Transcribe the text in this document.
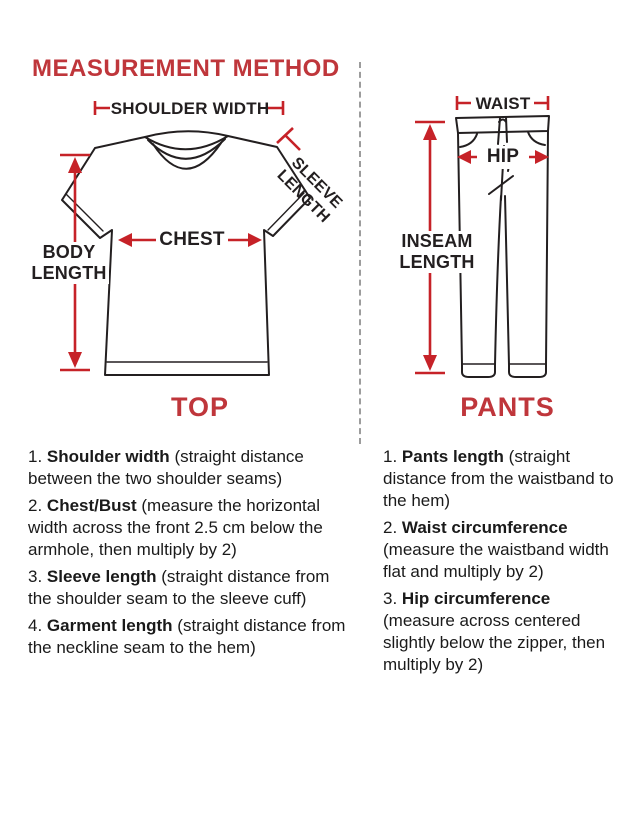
MEASUREMENT METHOD
SHOULDER WIDTH
SLEEVE LENGTH
CHEST
BODY LENGTH
TOP
WAIST
HIP
INSEAM LENGTH
PANTS
1. Shoulder width (straight distance between the two shoulder seams)
2. Chest/Bust (measure the horizontal width across the front 2.5 cm below the armhole, then multiply by 2)
3. Sleeve length (straight distance from the shoulder seam to the sleeve cuff)
4. Garment length (straight distance from the neckline seam to the hem)
1. Pants length (straight distance from the waistband to the hem)
2. Waist circumference (measure the waistband width flat and multiply by 2)
3. Hip circumference (measure across centered slightly below the zipper, then multiply by 2)
